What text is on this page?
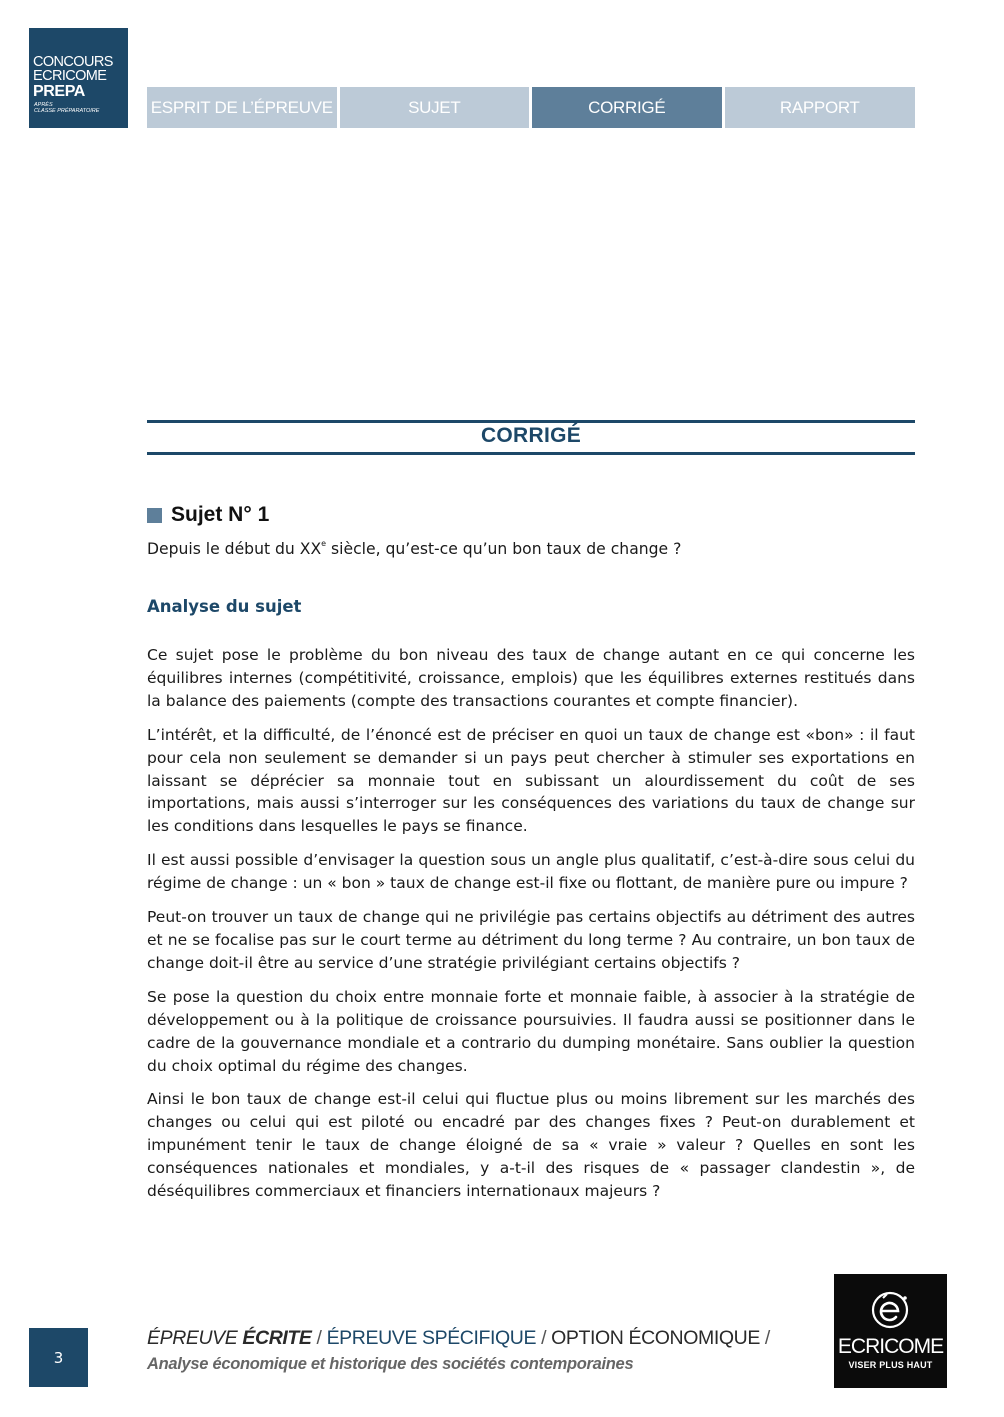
CONCOURS
ECRICOME
PREPA
APRÈS
CLASSE PRÉPARATOIRE	ESPRIT DE L’ÉPREUVE	SUJET	CORRIGÉ	RAPPORT
CORRIGÉ
Sujet N° 1
Depuis le début du XXe siècle, qu’est-ce qu’un bon taux de change ?
Analyse du sujet

Ce sujet pose le problème du bon niveau des taux de change autant en ce qui concerne les équilibres internes (compétitivité, croissance, emplois) que les équilibres externes restitués dans la balance des paiements (compte des transactions courantes et compte financier).

L’intérêt, et la difficulté, de l’énoncé est de préciser en quoi un taux de change est «bon» : il faut pour cela non seulement se demander si un pays peut chercher à stimuler ses exportations en laissant se déprécier sa monnaie tout en subissant un alourdissement du coût de ses importations, mais aussi s’interroger sur les conséquences des variations du taux de change sur les conditions dans lesquelles le pays se finance.

Il est aussi possible d’envisager la question sous un angle plus qualitatif, c’est-à-dire sous celui du régime de change : un « bon » taux de change est-il fixe ou flottant, de manière pure ou impure ?

Peut-on trouver un taux de change qui ne privilégie pas certains objectifs au détriment des autres et ne se focalise pas sur le court terme au détriment du long terme ? Au contraire, un bon taux de change doit-il être au service d’une stratégie privilégiant certains objectifs ?

Se pose la question du choix entre monnaie forte et monnaie faible, à associer à la stratégie de développement ou à la politique de croissance poursuivies. Il faudra aussi se positionner dans le cadre de la gouvernance mondiale et a contrario du dumping monétaire. Sans oublier la question du choix optimal du régime des changes.

Ainsi le bon taux de change est-il celui qui fluctue plus ou moins librement sur les marchés des changes ou celui qui est piloté ou encadré par des changes fixes ? Peut-on durablement et impunément tenir le taux de change éloigné de sa « vraie » valeur ? Quelles en sont les conséquences nationales et mondiales, y a-t-il des risques de « passager clandestin », de déséquilibres commerciaux et financiers internationaux majeurs ?

3
ÉPREUVE ÉCRITE / ÉPREUVE SPÉCIFIQUE / OPTION ÉCONOMIQUE /
Analyse économique et historique des sociétés contemporaines
ECRICOME
VISER PLUS HAUT
